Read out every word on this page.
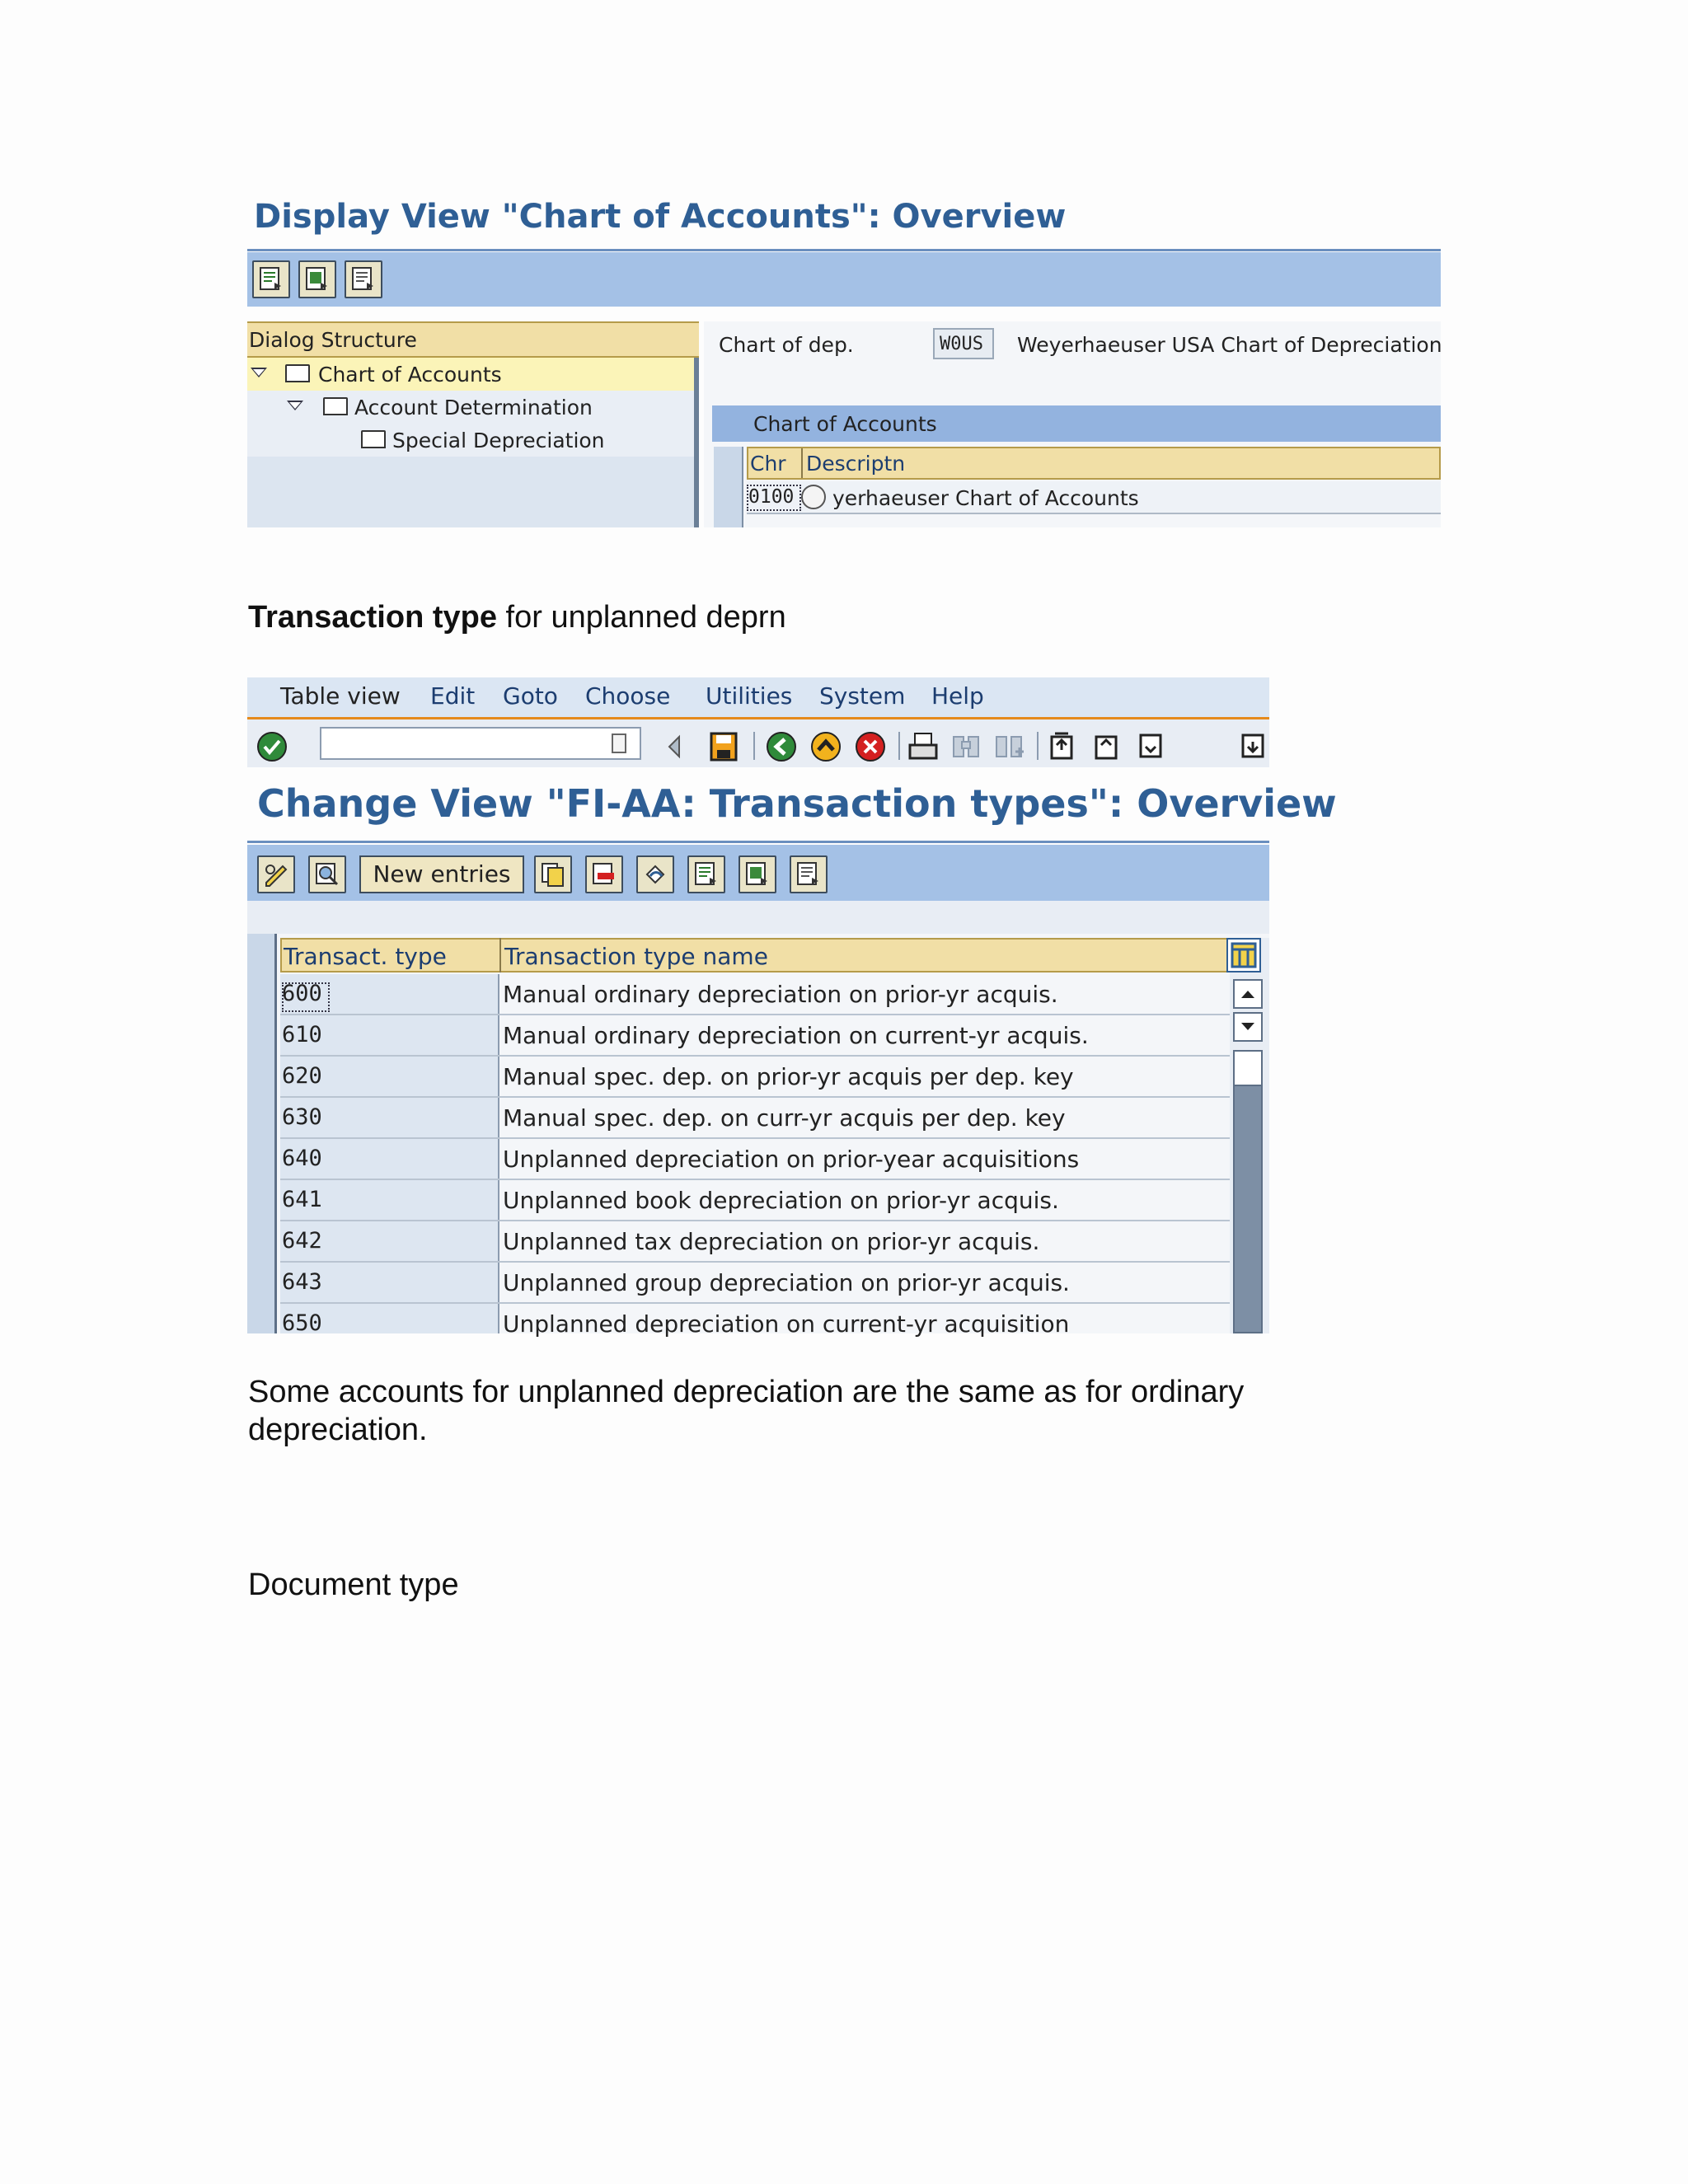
Display View "Chart of Accounts": Overview
Dialog Structure
Chart of Accounts
Account Determination
Special Depreciation
Chart of dep.	W0US	Weyerhaeuser USA Chart of Depreciation
Chart of Accounts
Chr Descriptn
0100 yerhaeuser Chart of Accounts
Transaction type for unplanned deprn
Table view Edit Goto Choose Utilities System Help
Change View "FI-AA: Transaction types": Overview
New entries
Transact. type	Transaction type name
600	Manual ordinary depreciation on prior-yr acquis.
610	Manual ordinary depreciation on current-yr acquis.
620	Manual spec. dep. on prior-yr acquis per dep. key
630	Manual spec. dep. on curr-yr acquis per dep. key
640	Unplanned depreciation on prior-year acquisitions
641	Unplanned book depreciation on prior-yr acquis.
642	Unplanned tax depreciation on prior-yr acquis.
643	Unplanned group depreciation on prior-yr acquis.
650	Unplanned depreciation on current-yr acquisition
Some accounts for unplanned depreciation are the same as for ordinary
depreciation.
Document type
